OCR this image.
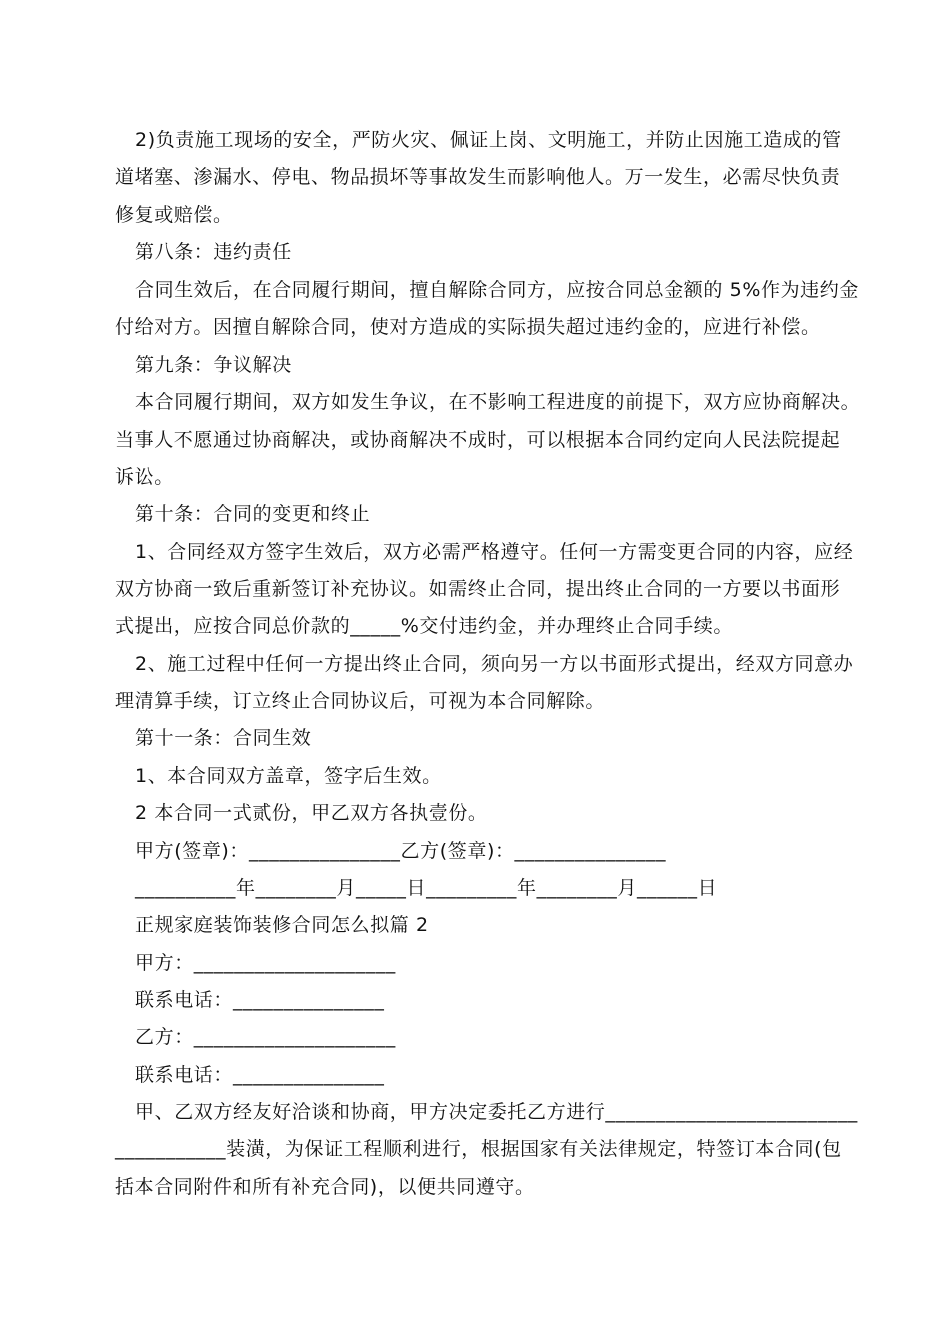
2)负责施工现场的安全，严防火灾、佩证上岗、文明施工，并防止因施工造成的管
道堵塞、渗漏水、停电、物品损坏等事故发生而影响他人。万一发生，必需尽快负责
修复或赔偿。
第八条：违约责任
合同生效后，在合同履行期间，擅自解除合同方，应按合同总金额的 5%作为违约金
付给对方。因擅自解除合同，使对方造成的实际损失超过违约金的，应进行补偿。
第九条：争议解决
本合同履行期间，双方如发生争议，在不影响工程进度的前提下，双方应协商解决。
当事人不愿通过协商解决，或协商解决不成时，可以根据本合同约定向人民法院提起
诉讼。
第十条：合同的变更和终止
1、合同经双方签字生效后，双方必需严格遵守。任何一方需变更合同的内容，应经
双方协商一致后重新签订补充协议。如需终止合同，提出终止合同的一方要以书面形
式提出，应按合同总价款的_____%交付违约金，并办理终止合同手续。
2、施工过程中任何一方提出终止合同，须向另一方以书面形式提出，经双方同意办
理清算手续，订立终止合同协议后，可视为本合同解除。
第十一条：合同生效
1、本合同双方盖章，签字后生效。
2 本合同一式贰份，甲乙双方各执壹份。
甲方(签章)：_______________乙方(签章)：_______________
__________年________月_____日_________年________月______日
正规家庭装饰装修合同怎么拟篇 2
甲方：____________________
联系电话：_______________
乙方：____________________
联系电话：_______________
甲、乙双方经友好洽谈和协商，甲方决定委托乙方进行_________________________
___________装潢，为保证工程顺利进行，根据国家有关法律规定，特签订本合同(包
括本合同附件和所有补充合同)，以便共同遵守。
